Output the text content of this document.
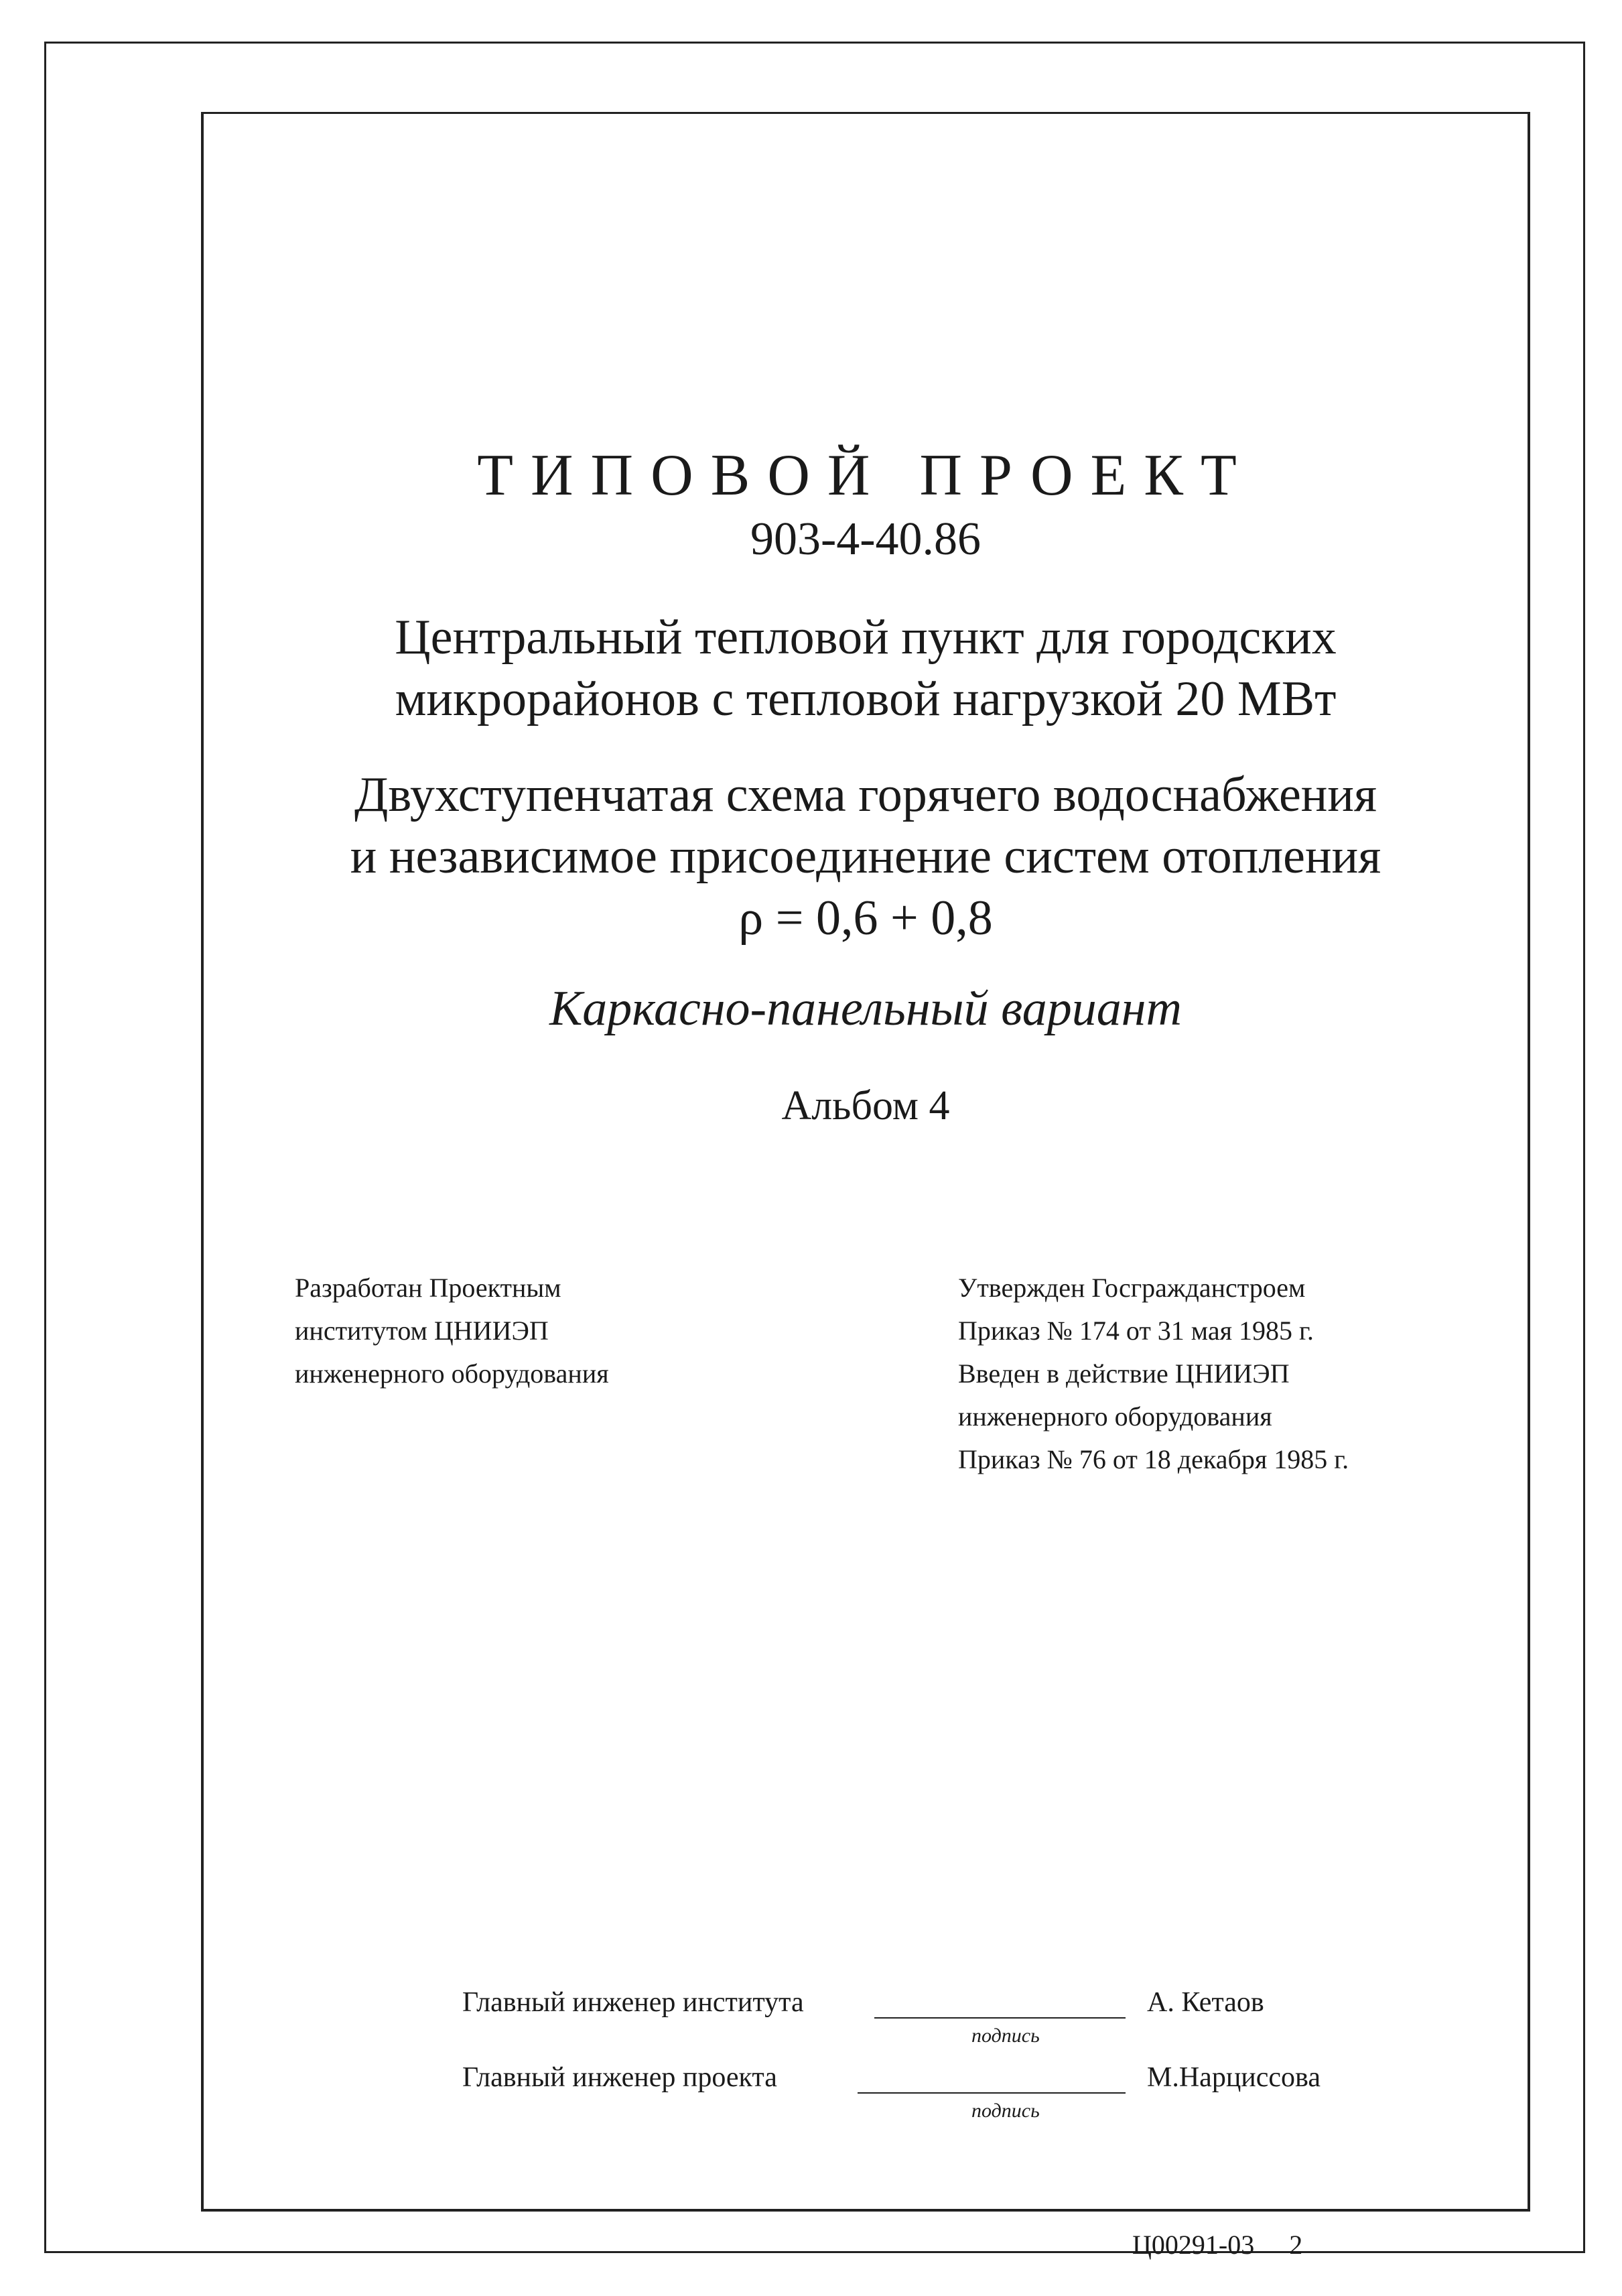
ТИПОВОЙ ПРОЕКТ
903-4-40.86
Центральный тепловой пункт для городских
микрорайонов с тепловой нагрузкой 20 МВт
Двухступенчатая схема горячего водоснабжения
и независимое присоединение систем отопления
ρ = 0,6 + 0,8
Каркасно-панельный вариант
Альбом 4
Разработан Проектным
институтом ЦНИИЭП
инженерного оборудования
Утвержден Госгражданстроем
Приказ № 174 от 31 мая 1985 г.
Введен в действие ЦНИИЭП
инженерного оборудования
Приказ № 76 от 18 декабря 1985 г.
Главный инженер института	А. Кетаов
подпись
Главный инженер проекта	М.Нарциссова
подпись
Ц00291-03 2
